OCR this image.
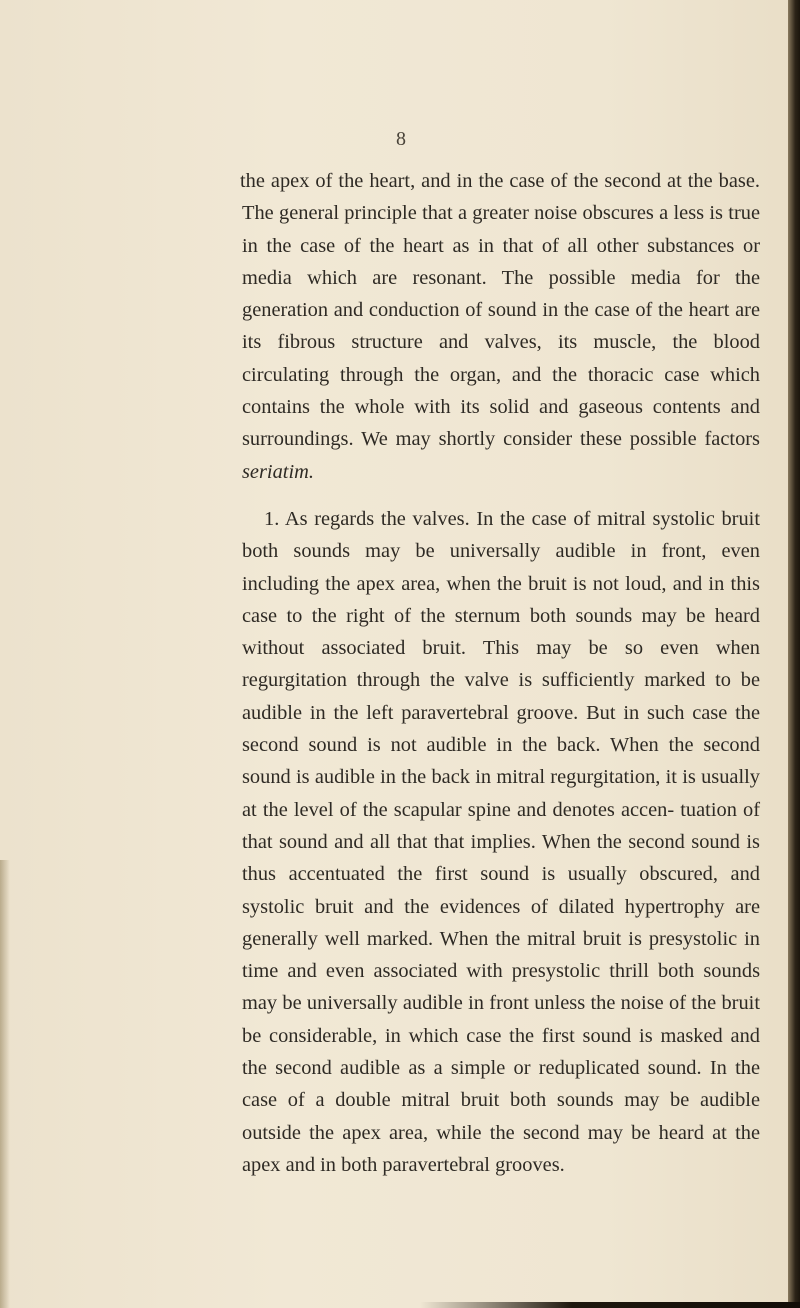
8

the apex of the heart, and in the case of the second at the base. The general principle that a greater noise obscures a less is true in the case of the heart as in that of all other substances or media which are resonant. The possible media for the generation and conduction of sound in the case of the heart are its fibrous structure and valves, its muscle, the blood circulating through the organ, and the thoracic case which contains the whole with its solid and gaseous contents and surroundings. We may shortly consider these possible factors seriatim.

1. As regards the valves. In the case of mitral systolic bruit both sounds may be universally audible in front, even including the apex area, when the bruit is not loud, and in this case to the right of the sternum both sounds may be heard without associated bruit. This may be so even when regurgitation through the valve is sufficiently marked to be audible in the left paravertebral groove. But in such case the second sound is not audible in the back. When the second sound is audible in the back in mitral regurgitation, it is usually at the level of the scapular spine and denotes accen- tuation of that sound and all that that implies. When the second sound is thus accentuated the first sound is usually obscured, and systolic bruit and the evidences of dilated hypertrophy are generally well marked. When the mitral bruit is presystolic in time and even associated with presystolic thrill both sounds may be universally audible in front unless the noise of the bruit be considerable, in which case the first sound is masked and the second audible as a simple or reduplicated sound. In the case of a double mitral bruit both sounds may be audible outside the apex area, while the second may be heard at the apex and in both paravertebral grooves.
